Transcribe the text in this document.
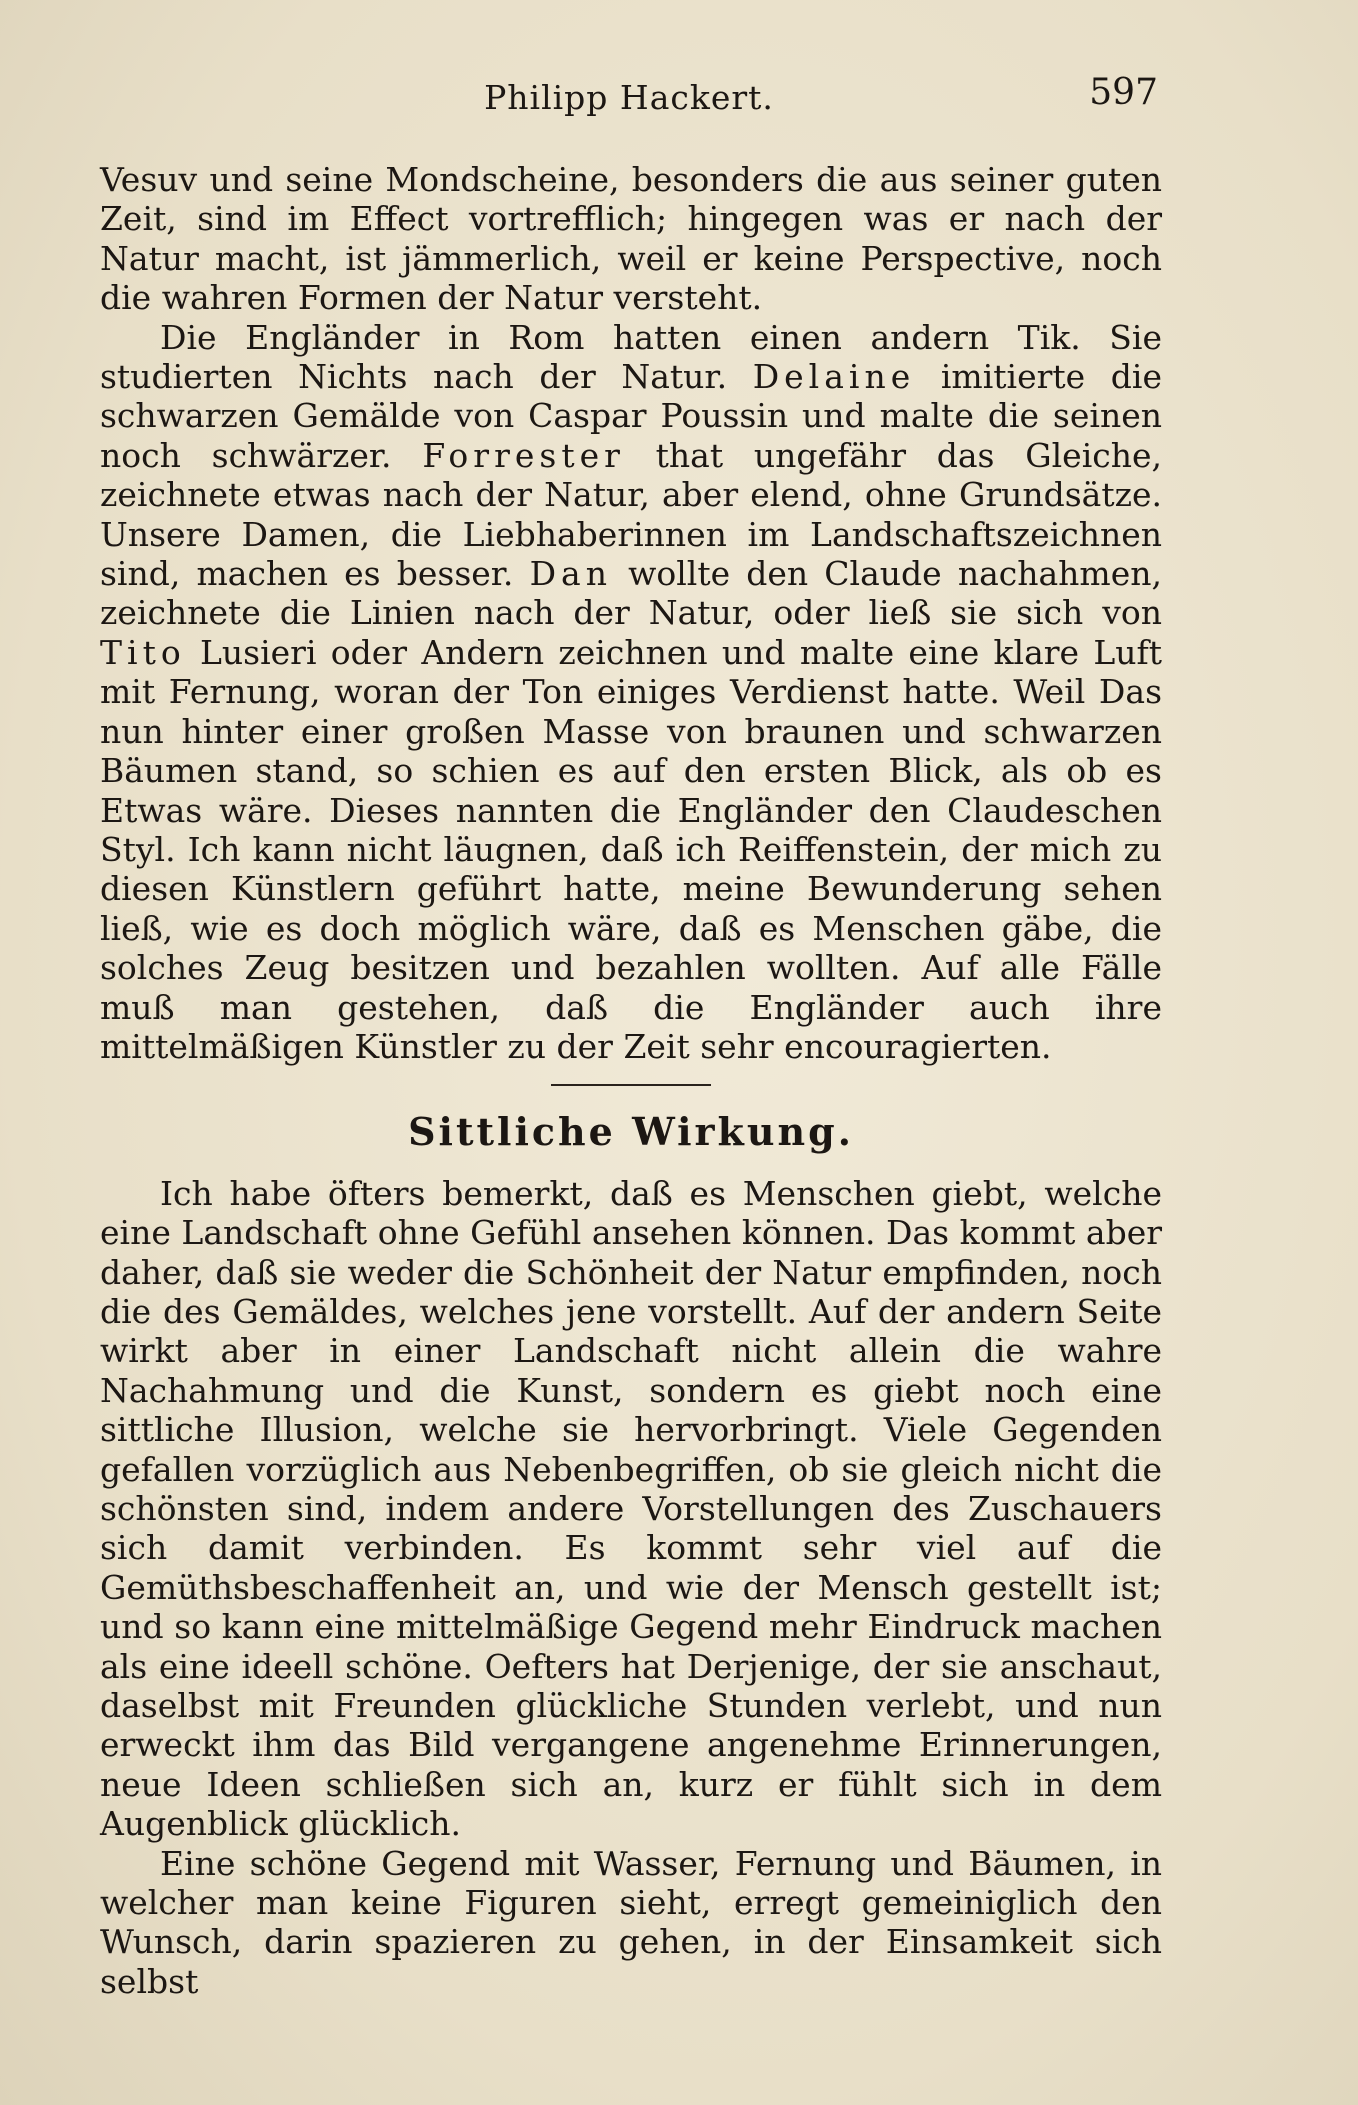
Philipp Hackert.	597

Vesuv und seine Mondscheine, besonders die aus seiner guten Zeit, sind im Effect vortrefflich; hingegen was er nach der Natur macht, ist jämmerlich, weil er keine Perspective, noch die wahren Formen der Natur versteht.

Die Engländer in Rom hatten einen andern Tik. Sie studierten Nichts nach der Natur. Delaine imitierte die schwarzen Gemälde von Caspar Poussin und malte die seinen noch schwärzer. Forrester that ungefähr das Gleiche, zeichnete etwas nach der Natur, aber elend, ohne Grundsätze. Unsere Damen, die Liebhaberinnen im Landschaftszeichnen sind, machen es besser. Dan wollte den Claude nachahmen, zeichnete die Linien nach der Natur, oder ließ sie sich von Tito Lusieri oder Andern zeichnen und malte eine klare Luft mit Fernung, woran der Ton einiges Verdienst hatte. Weil Das nun hinter einer großen Masse von braunen und schwarzen Bäumen stand, so schien es auf den ersten Blick, als ob es Etwas wäre. Dieses nannten die Engländer den Claudeschen Styl. Ich kann nicht läugnen, daß ich Reiffenstein, der mich zu diesen Künstlern geführt hatte, meine Bewunderung sehen ließ, wie es doch möglich wäre, daß es Menschen gäbe, die solches Zeug besitzen und bezahlen wollten. Auf alle Fälle muß man gestehen, daß die Engländer auch ihre mittelmäßigen Künstler zu der Zeit sehr encouragierten.

Sittliche Wirkung.

Ich habe öfters bemerkt, daß es Menschen giebt, welche eine Landschaft ohne Gefühl ansehen können. Das kommt aber daher, daß sie weder die Schönheit der Natur empfinden, noch die des Gemäldes, welches jene vorstellt. Auf der andern Seite wirkt aber in einer Landschaft nicht allein die wahre Nachahmung und die Kunst, sondern es giebt noch eine sittliche Illusion, welche sie hervorbringt. Viele Gegenden gefallen vorzüglich aus Nebenbegriffen, ob sie gleich nicht die schönsten sind, indem andere Vorstellungen des Zuschauers sich damit verbinden. Es kommt sehr viel auf die Gemüthsbeschaffenheit an, und wie der Mensch gestellt ist; und so kann eine mittelmäßige Gegend mehr Eindruck machen als eine ideell schöne. Oefters hat Derjenige, der sie anschaut, daselbst mit Freunden glückliche Stunden verlebt, und nun erweckt ihm das Bild vergangene angenehme Erinnerungen, neue Ideen schließen sich an, kurz er fühlt sich in dem Augenblick glücklich.

Eine schöne Gegend mit Wasser, Fernung und Bäumen, in welcher man keine Figuren sieht, erregt gemeiniglich den Wunsch, darin spazieren zu gehen, in der Einsamkeit sich selbst
